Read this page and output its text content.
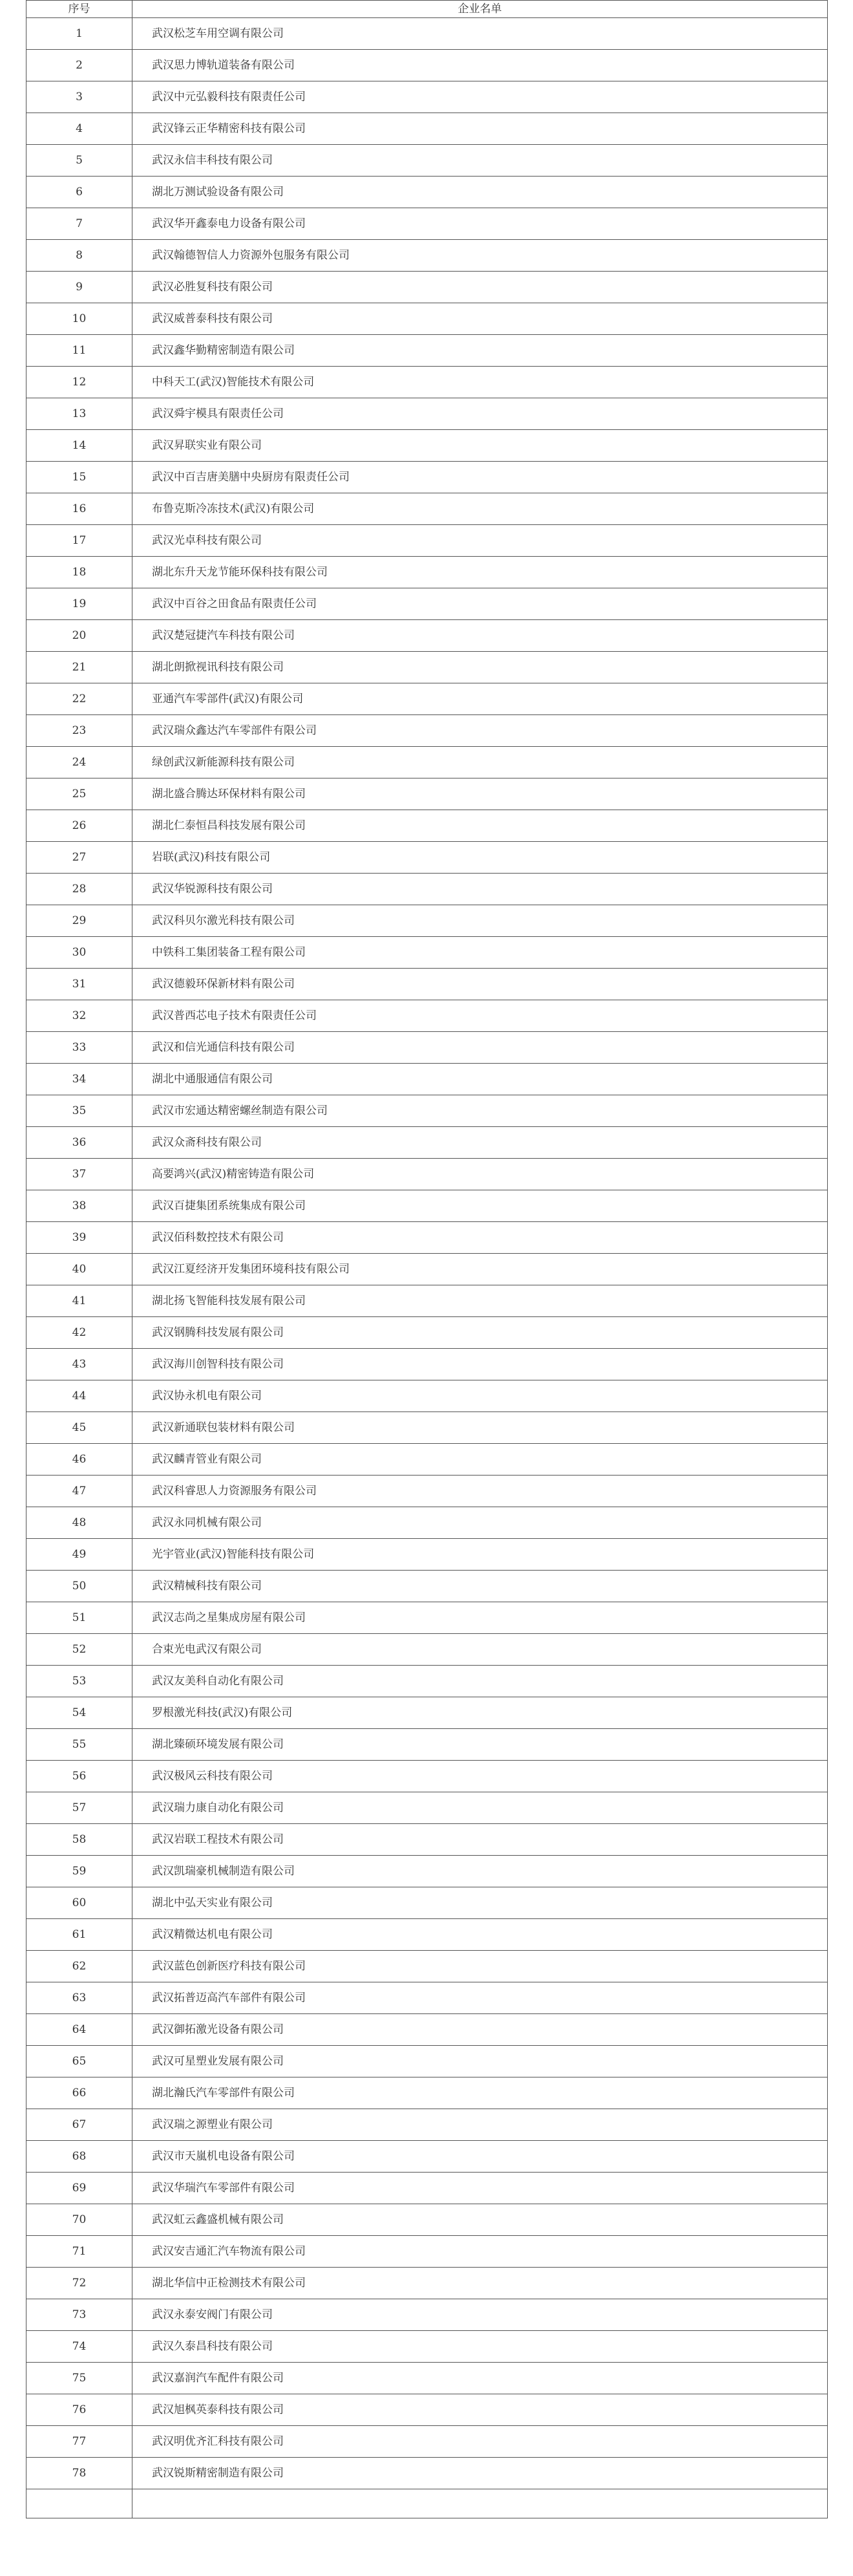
序号	企业名单
1	武汉松芝车用空调有限公司
2	武汉思力博轨道装备有限公司
3	武汉中元弘毅科技有限责任公司
4	武汉锋云正华精密科技有限公司
5	武汉永信丰科技有限公司
6	湖北万测试验设备有限公司
7	武汉华开鑫泰电力设备有限公司
8	武汉翰德智信人力资源外包服务有限公司
9	武汉必胜复科技有限公司
10	武汉威普泰科技有限公司
11	武汉鑫华勤精密制造有限公司
12	中科天工(武汉)智能技术有限公司
13	武汉舜宇模具有限责任公司
14	武汉昇联实业有限公司
15	武汉中百吉唐美膳中央厨房有限责任公司
16	布鲁克斯冷冻技术(武汉)有限公司
17	武汉光卓科技有限公司
18	湖北东升天龙节能环保科技有限公司
19	武汉中百谷之田食品有限责任公司
20	武汉楚冠捷汽车科技有限公司
21	湖北朗掀视讯科技有限公司
22	亚通汽车零部件(武汉)有限公司
23	武汉瑞众鑫达汽车零部件有限公司
24	绿创武汉新能源科技有限公司
25	湖北盛合腾达环保材料有限公司
26	湖北仁泰恒昌科技发展有限公司
27	岩联(武汉)科技有限公司
28	武汉华锐源科技有限公司
29	武汉科贝尔激光科技有限公司
30	中铁科工集团装备工程有限公司
31	武汉德毅环保新材料有限公司
32	武汉普西芯电子技术有限责任公司
33	武汉和信光通信科技有限公司
34	湖北中通服通信有限公司
35	武汉市宏通达精密螺丝制造有限公司
36	武汉众斋科技有限公司
37	高要鸿兴(武汉)精密铸造有限公司
38	武汉百捷集团系统集成有限公司
39	武汉佰科数控技术有限公司
40	武汉江夏经济开发集团环境科技有限公司
41	湖北扬飞智能科技发展有限公司
42	武汉钢腾科技发展有限公司
43	武汉海川创智科技有限公司
44	武汉协永机电有限公司
45	武汉新通联包装材料有限公司
46	武汉麟青管业有限公司
47	武汉科睿思人力资源服务有限公司
48	武汉永同机械有限公司
49	光宇管业(武汉)智能科技有限公司
50	武汉精械科技有限公司
51	武汉志尚之星集成房屋有限公司
52	合束光电武汉有限公司
53	武汉友美科自动化有限公司
54	罗根激光科技(武汉)有限公司
55	湖北臻硕环境发展有限公司
56	武汉极风云科技有限公司
57	武汉瑞力康自动化有限公司
58	武汉岩联工程技术有限公司
59	武汉凯瑞豪机械制造有限公司
60	湖北中弘天实业有限公司
61	武汉精微达机电有限公司
62	武汉蓝色创新医疗科技有限公司
63	武汉拓普迈高汽车部件有限公司
64	武汉御拓激光设备有限公司
65	武汉可星塑业发展有限公司
66	湖北瀚氏汽车零部件有限公司
67	武汉瑞之源塑业有限公司
68	武汉市天嵐机电设备有限公司
69	武汉华瑞汽车零部件有限公司
70	武汉虹云鑫盛机械有限公司
71	武汉安吉通汇汽车物流有限公司
72	湖北华信中正检测技术有限公司
73	武汉永泰安阀门有限公司
74	武汉久泰昌科技有限公司
75	武汉嘉润汽车配件有限公司
76	武汉旭枫英泰科技有限公司
77	武汉明优齐汇科技有限公司
78	武汉锐斯精密制造有限公司
